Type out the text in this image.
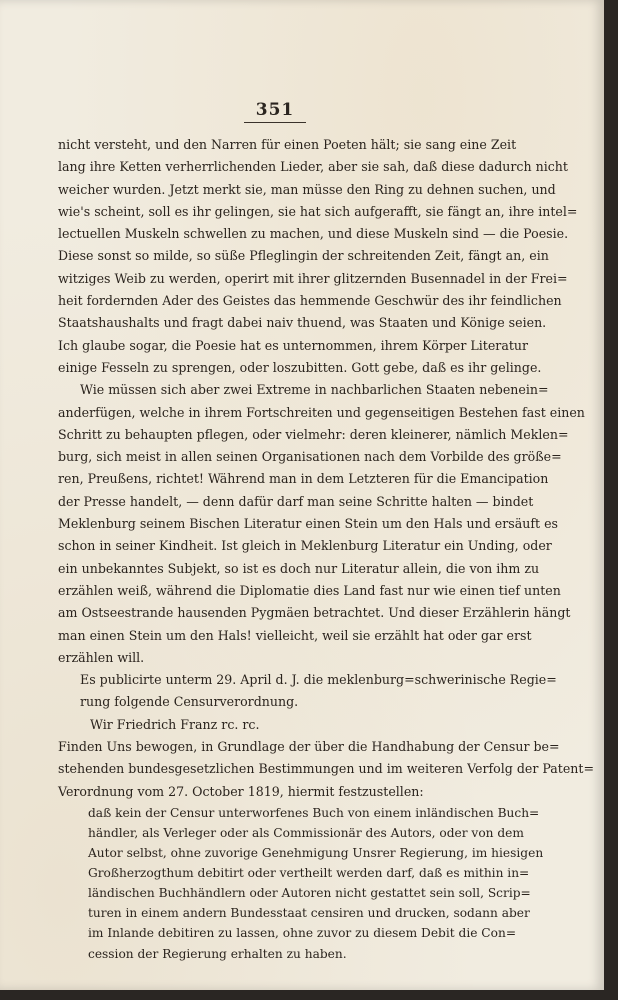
351
nicht versteht, und den Narren für einen Poeten hält; sie sang eine Zeit
lang ihre Ketten verherrlichenden Lieder, aber sie sah, daß diese dadurch nicht
weicher wurden. Jetzt merkt sie, man müsse den Ring zu dehnen suchen, und
wie's scheint, soll es ihr gelingen, sie hat sich aufgerafft, sie fängt an, ihre intel=
lectuellen Muskeln schwellen zu machen, und diese Muskeln sind — die Poesie.
Diese sonst so milde, so süße Pfleglingin der schreitenden Zeit, fängt an, ein
witziges Weib zu werden, operirt mit ihrer glitzernden Busennadel in der Frei=
heit fordernden Ader des Geistes das hemmende Geschwür des ihr feindlichen
Staatshaushalts und fragt dabei naiv thuend, was Staaten und Könige seien.
Ich glaube sogar, die Poesie hat es unternommen, ihrem Körper Literatur
einige Fesseln zu sprengen, oder loszubitten. Gott gebe, daß es ihr gelinge.
Wie müssen sich aber zwei Extreme in nachbarlichen Staaten nebenein=
anderfügen, welche in ihrem Fortschreiten und gegenseitigen Bestehen fast einen
Schritt zu behaupten pflegen, oder vielmehr: deren kleinerer, nämlich Meklen=
burg, sich meist in allen seinen Organisationen nach dem Vorbilde des größe=
ren, Preußens, richtet! Während man in dem Letzteren für die Emancipation
der Presse handelt, — denn dafür darf man seine Schritte halten — bindet
Meklenburg seinem Bischen Literatur einen Stein um den Hals und ersäuft es
schon in seiner Kindheit. Ist gleich in Meklenburg Literatur ein Unding, oder
ein unbekanntes Subjekt, so ist es doch nur Literatur allein, die von ihm zu
erzählen weiß, während die Diplomatie dies Land fast nur wie einen tief unten
am Ostseestrande hausenden Pygmäen betrachtet. Und dieser Erzählerin hängt
man einen Stein um den Hals! vielleicht, weil sie erzählt hat oder gar erst
erzählen will.
Es publicirte unterm 29. April d. J. die meklenburg=schwerinische Regie=
rung folgende Censurverordnung.
Wir Friedrich Franz rc. rc.
Finden Uns bewogen, in Grundlage der über die Handhabung der Censur be=
stehenden bundesgesetzlichen Bestimmungen und im weiteren Verfolg der Patent=
Verordnung vom 27. October 1819, hiermit festzustellen:
daß kein der Censur unterworfenes Buch von einem inländischen Buch=
händler, als Verleger oder als Commissionär des Autors, oder von dem
Autor selbst, ohne zuvorige Genehmigung Unsrer Regierung, im hiesigen
Großherzogthum debitirt oder vertheilt werden darf, daß es mithin in=
ländischen Buchhändlern oder Autoren nicht gestattet sein soll, Scrip=
turen in einem andern Bundesstaat censiren und drucken, sodann aber
im Inlande debitiren zu lassen, ohne zuvor zu diesem Debit die Con=
cession der Regierung erhalten zu haben.
